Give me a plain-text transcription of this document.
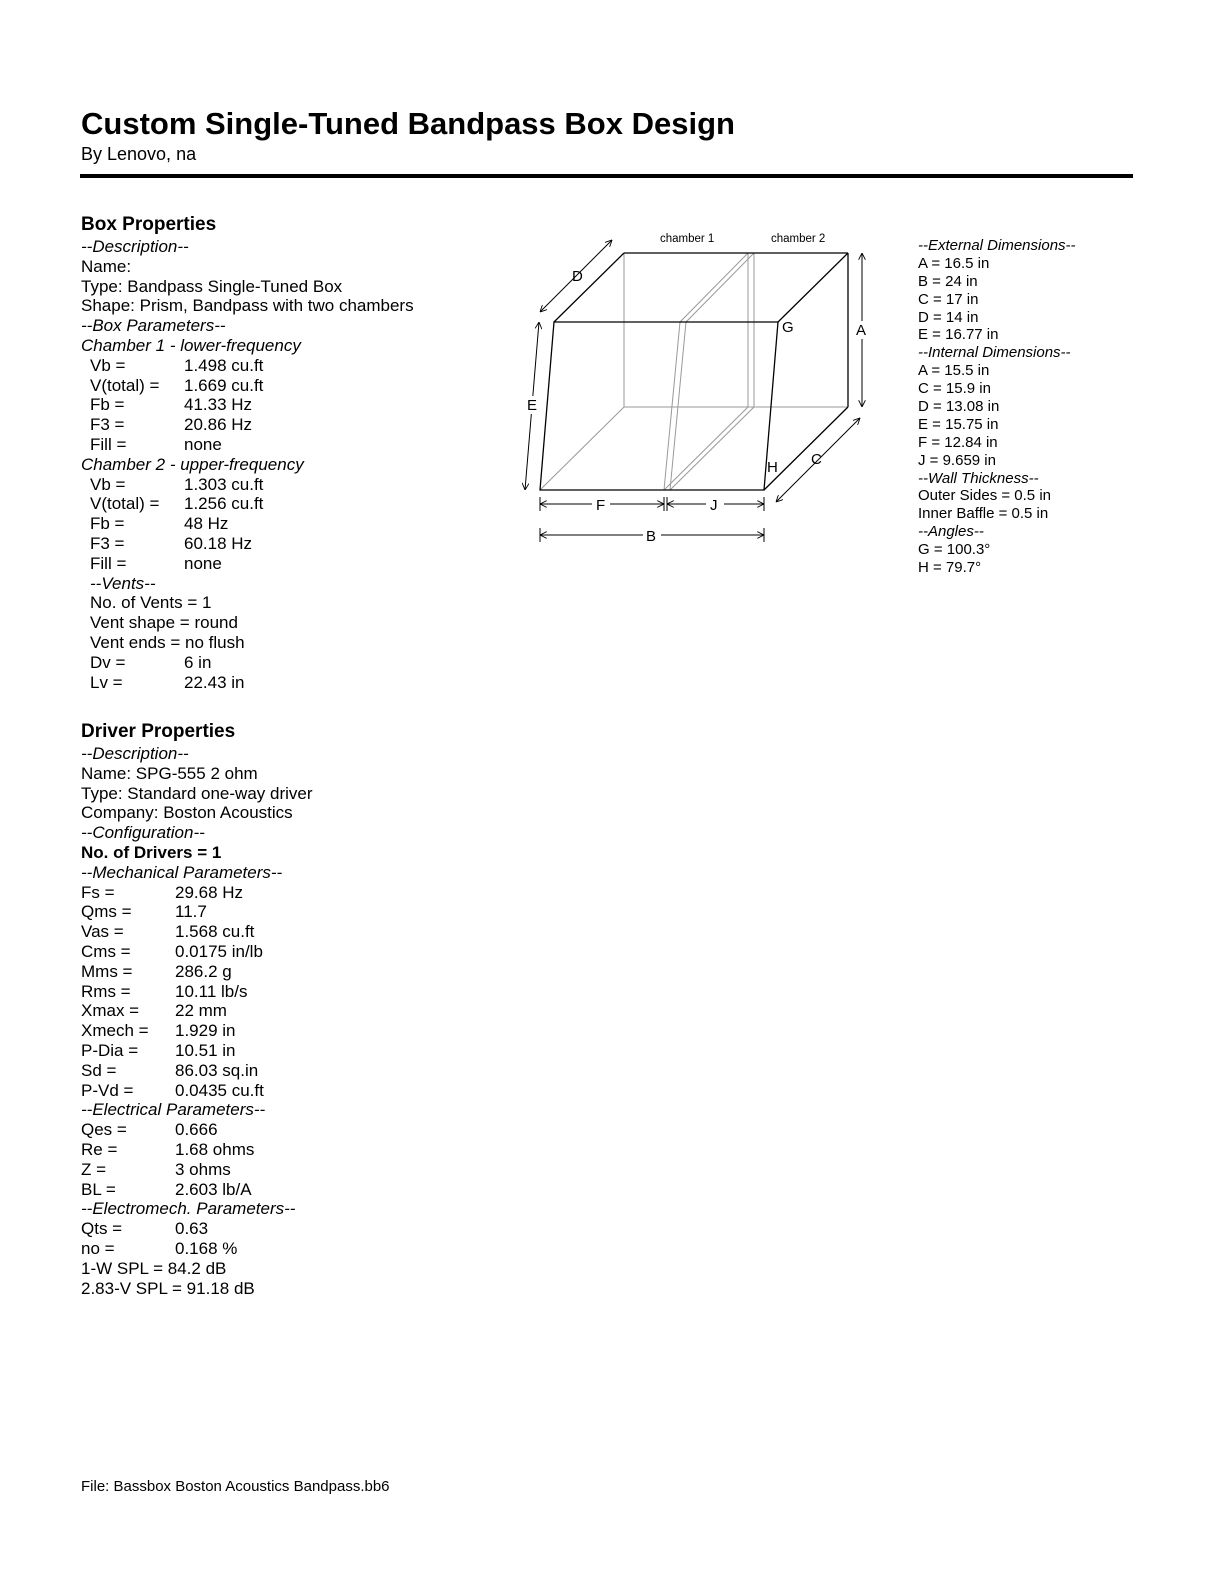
Custom Single-Tuned Bandpass Box Design
By Lenovo, na
Box Properties
--Description--
Name:
Type: Bandpass Single-Tuned Box
Shape: Prism, Bandpass with two chambers
--Box Parameters--
Chamber 1 - lower-frequency
Vb =	1.498 cu.ft
V(total) = 1.669 cu.ft
Fb =	41.33 Hz
F3 =	20.86 Hz
Fill =	none
Chamber 2 - upper-frequency
Vb =	1.303 cu.ft
V(total) = 1.256 cu.ft
Fb =	48 Hz
F3 =	60.18 Hz
Fill =	none
--Vents--
No. of Vents = 1
Vent shape = round
Vent ends = no flush
Dv =	6 in
Lv =	22.43 in
Driver Properties
--Description--
Name: SPG-555 2 ohm
Type: Standard one-way driver
Company: Boston Acoustics
--Configuration--
No. of Drivers = 1
--Mechanical Parameters--
Fs =	29.68 Hz
Qms =	11.7
Vas =	1.568 cu.ft
Cms =	0.0175 in/lb
Mms =	286.2 g
Rms =	10.11 lb/s
Xmax = 22 mm
Xmech = 1.929 in
P-Dia = 10.51 in
Sd =	86.03 sq.in
P-Vd = 0.0435 cu.ft
--Electrical Parameters--
Qes =	0.666
Re =	1.68 ohms
Z =	3 ohms
BL =	2.603 lb/A
--Electromech. Parameters--
Qts =	0.63
no =	0.168 %
1-W SPL = 84.2 dB
2.83-V SPL = 91.18 dB
chamber 1	chamber 2
D
G	A
E
H C
F	J
B
--External Dimensions--
A = 16.5 in
B = 24 in
C = 17 in
D = 14 in
E = 16.77 in
--Internal Dimensions--
A = 15.5 in
C = 15.9 in
D = 13.08 in
E = 15.75 in
F = 12.84 in
J = 9.659 in
--Wall Thickness--
Outer Sides = 0.5 in
Inner Baffle = 0.5 in
--Angles--
G = 100.3°
H = 79.7°
File: Bassbox Boston Acoustics Bandpass.bb6
